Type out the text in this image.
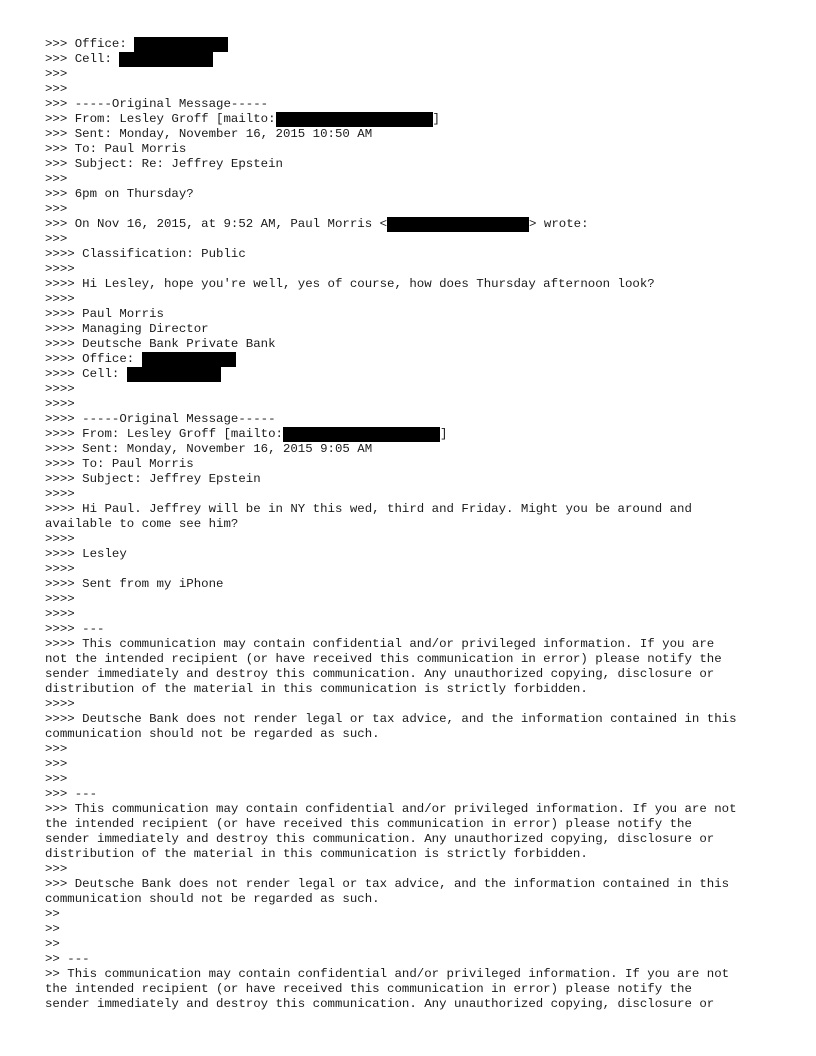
>>> Office:
>>> Cell:
>>>
>>>
>>> -----Original Message-----
>>> From: Lesley Groff [mailto:	]
>>> Sent: Monday, November 16, 2015 10:50 AM
>>> To: Paul Morris
>>> Subject: Re: Jeffrey Epstein
>>>
>>> 6pm on Thursday?
>>>
>>> On Nov 16, 2015, at 9:52 AM, Paul Morris <	> wrote:
>>>
>>>> Classification: Public
>>>>
>>>> Hi Lesley, hope you're well, yes of course, how does Thursday afternoon look?
>>>>
>>>> Paul Morris
>>>> Managing Director
>>>> Deutsche Bank Private Bank
>>>> Office:
>>>> Cell:
>>>>
>>>>
>>>> -----Original Message-----
>>>> From: Lesley Groff [mailto:	]
>>>> Sent: Monday, November 16, 2015 9:05 AM
>>>> To: Paul Morris
>>>> Subject: Jeffrey Epstein
>>>>
>>>> Hi Paul. Jeffrey will be in NY this wed, third and Friday. Might you be around and
available to come see him?
>>>>
>>>> Lesley
>>>>
>>>> Sent from my iPhone
>>>>
>>>>
>>>> ---
>>>> This communication may contain confidential and/or privileged information. If you are
not the intended recipient (or have received this communication in error) please notify the
sender immediately and destroy this communication. Any unauthorized copying, disclosure or
distribution of the material in this communication is strictly forbidden.
>>>>
>>>> Deutsche Bank does not render legal or tax advice, and the information contained in this
communication should not be regarded as such.
>>>
>>>
>>>
>>> ---
>>> This communication may contain confidential and/or privileged information. If you are not
the intended recipient (or have received this communication in error) please notify the
sender immediately and destroy this communication. Any unauthorized copying, disclosure or
distribution of the material in this communication is strictly forbidden.
>>>
>>> Deutsche Bank does not render legal or tax advice, and the information contained in this
communication should not be regarded as such.
>>
>>
>>
>> ---
>> This communication may contain confidential and/or privileged information. If you are not
the intended recipient (or have received this communication in error) please notify the
sender immediately and destroy this communication. Any unauthorized copying, disclosure or
